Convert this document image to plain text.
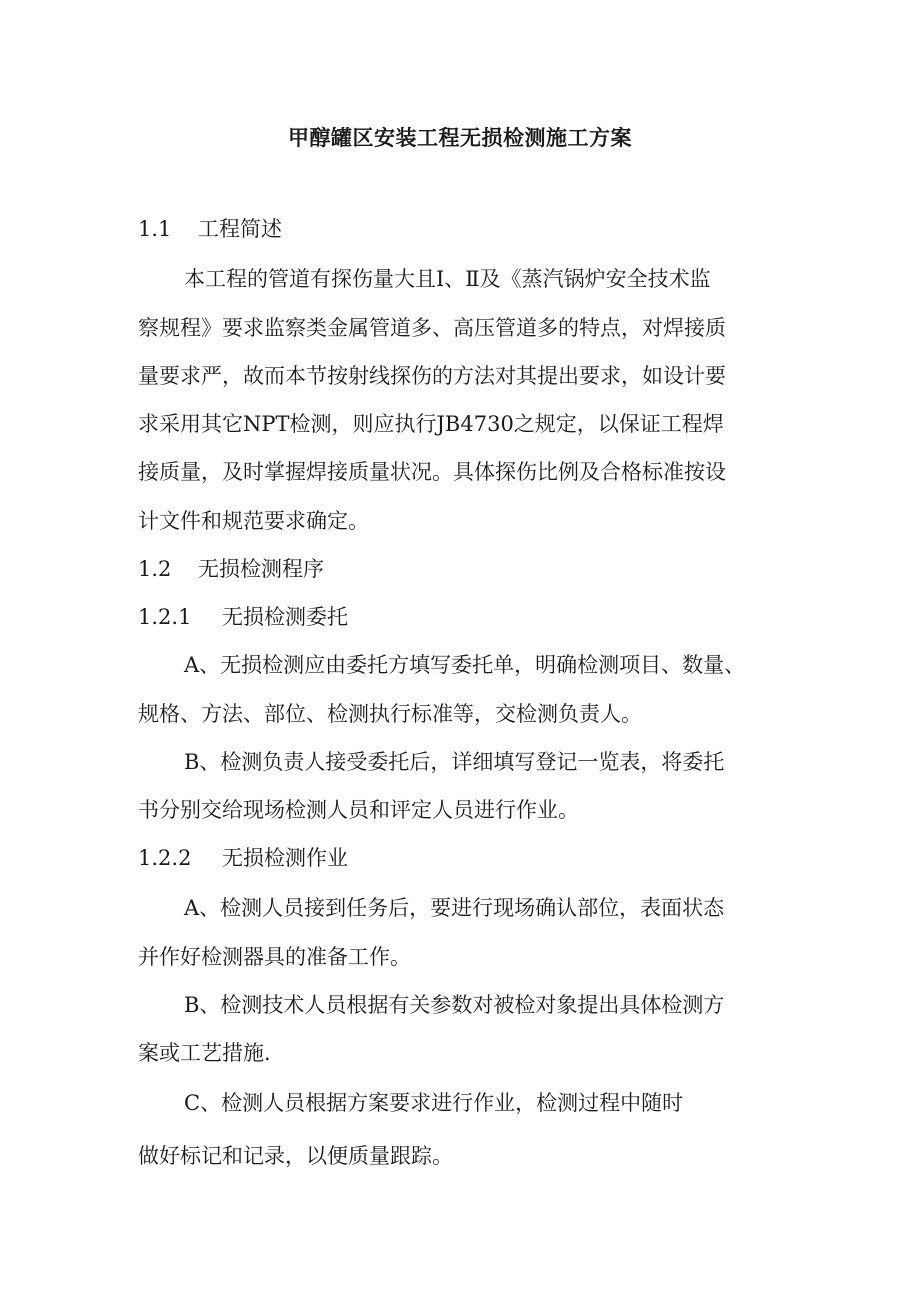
甲醇罐区安装工程无损检测施工方案
1.1 工程简述
本工程的管道有探伤量大且Ⅰ、Ⅱ及《蒸汽锅炉安全技术监
察规程》要求监察类金属管道多、高压管道多的特点，对焊接质
量要求严，故而本节按射线探伤的方法对其提出要求，如设计要
求采用其它NPT检测，则应执行JB4730之规定，以保证工程焊
接质量，及时掌握焊接质量状况。具体探伤比例及合格标准按设
计文件和规范要求确定。
1.2 无损检测程序
1.2.1 无损检测委托
A、无损检测应由委托方填写委托单，明确检测项目、数量、
规格、方法、部位、检测执行标准等，交检测负责人。
B、检测负责人接受委托后，详细填写登记一览表，将委托
书分别交给现场检测人员和评定人员进行作业。
1.2.2 无损检测作业
A、检测人员接到任务后，要进行现场确认部位，表面状态
并作好检测器具的准备工作。
B、检测技术人员根据有关参数对被检对象提出具体检测方
案或工艺措施.
C、检测人员根据方案要求进行作业，检测过程中随时
做好标记和记录，以便质量跟踪。
